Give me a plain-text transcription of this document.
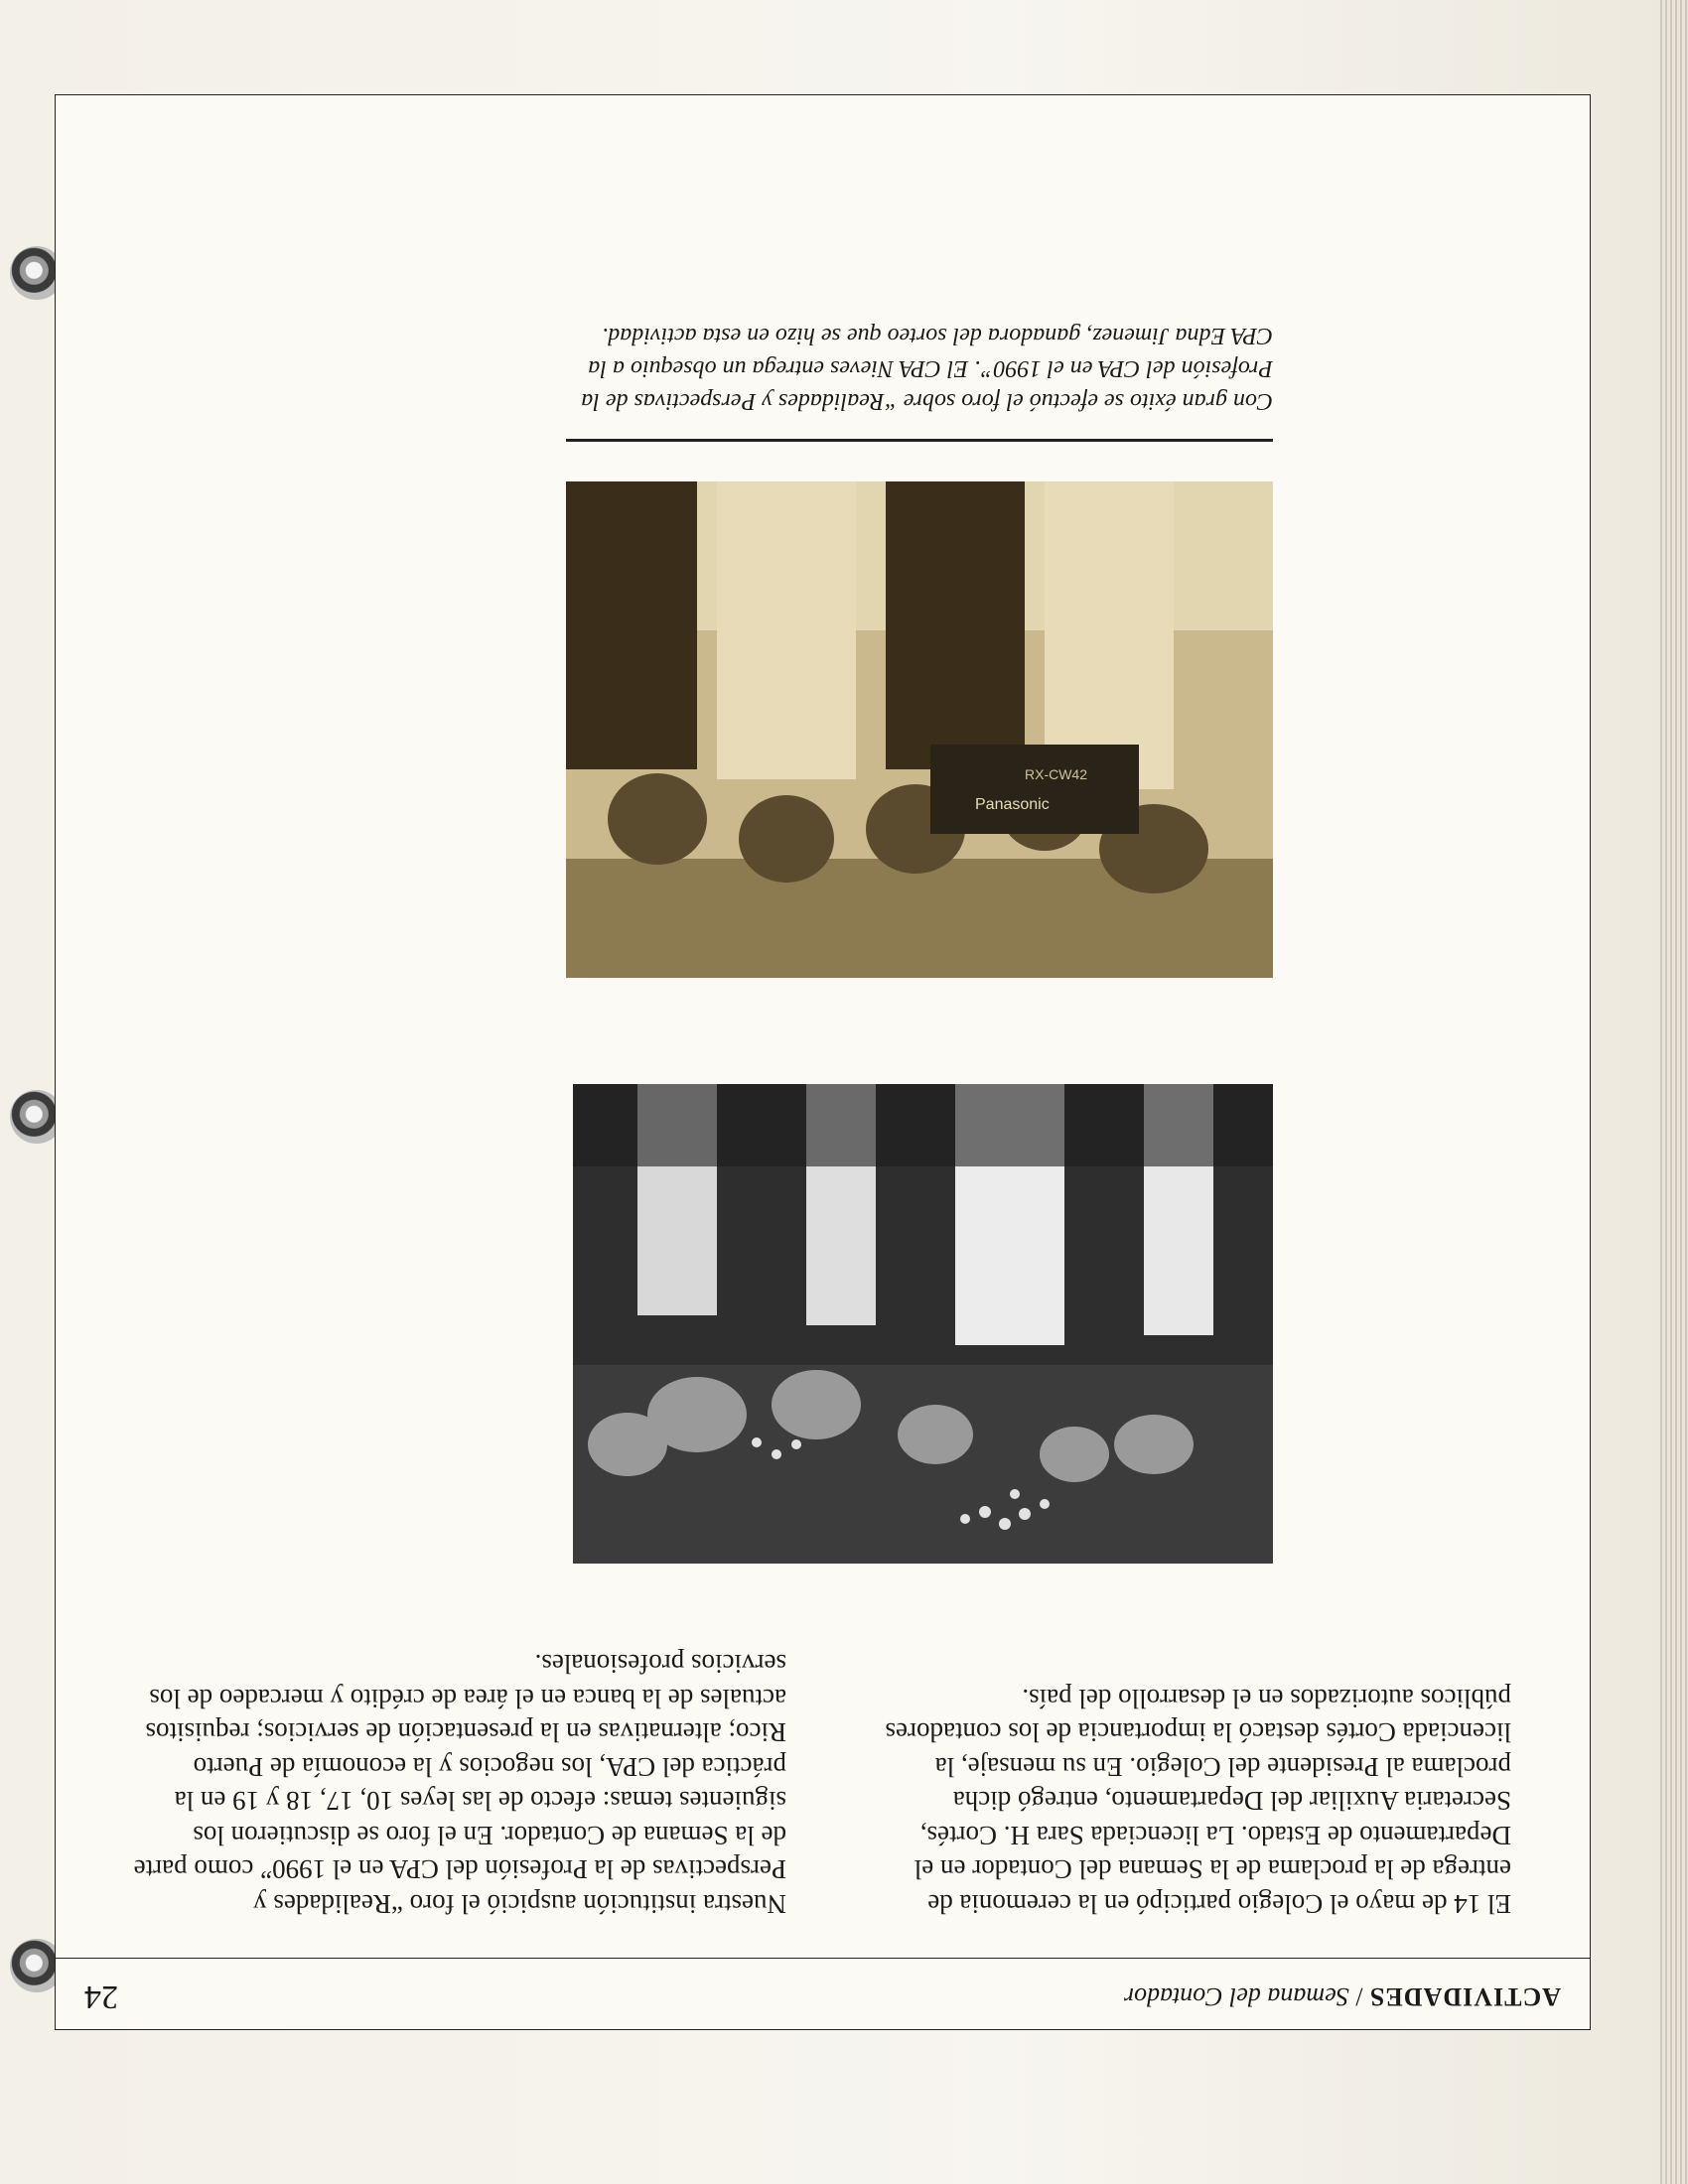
ACTIVIDADES / Semana del Contador
24

El 14 de mayo el Colegio participó en la ceremonia de entrega de la proclama de la Semana del Contador en el Departamento de Estado. La licenciada Sara H. Cortés, Secretaria Auxiliar del Departamento, entregó dicha proclama al Presidente del Colegio. En su mensaje, la licenciada Cortés destacó la importancia de los contadores públicos autorizados en el desarrollo del país.

Nuestra institución auspició el foro “Realidades y Perspectivas de la Profesión del CPA en el 1990” como parte de la Semana de Contador. En el foro se discutieron los siguientes temas: efecto de las leyes 10, 17, 18 y 19 en la práctica del CPA, los negocios y la economía de Puerto Rico; alternativas en la presentación de servicios; requisitos actuales de la banca en el área de crédito y mercadeo de los servicios profesionales.

Panasonic
RX-CW42
Con gran éxito se efectuó el foro sobre “Realidades y Perspectivas de la Profesión del CPA en el 1990”. El CPA Nieves entrega un obsequio a la CPA Edna Jimenez, ganadora del sorteo que se hizo en esta actividad.
